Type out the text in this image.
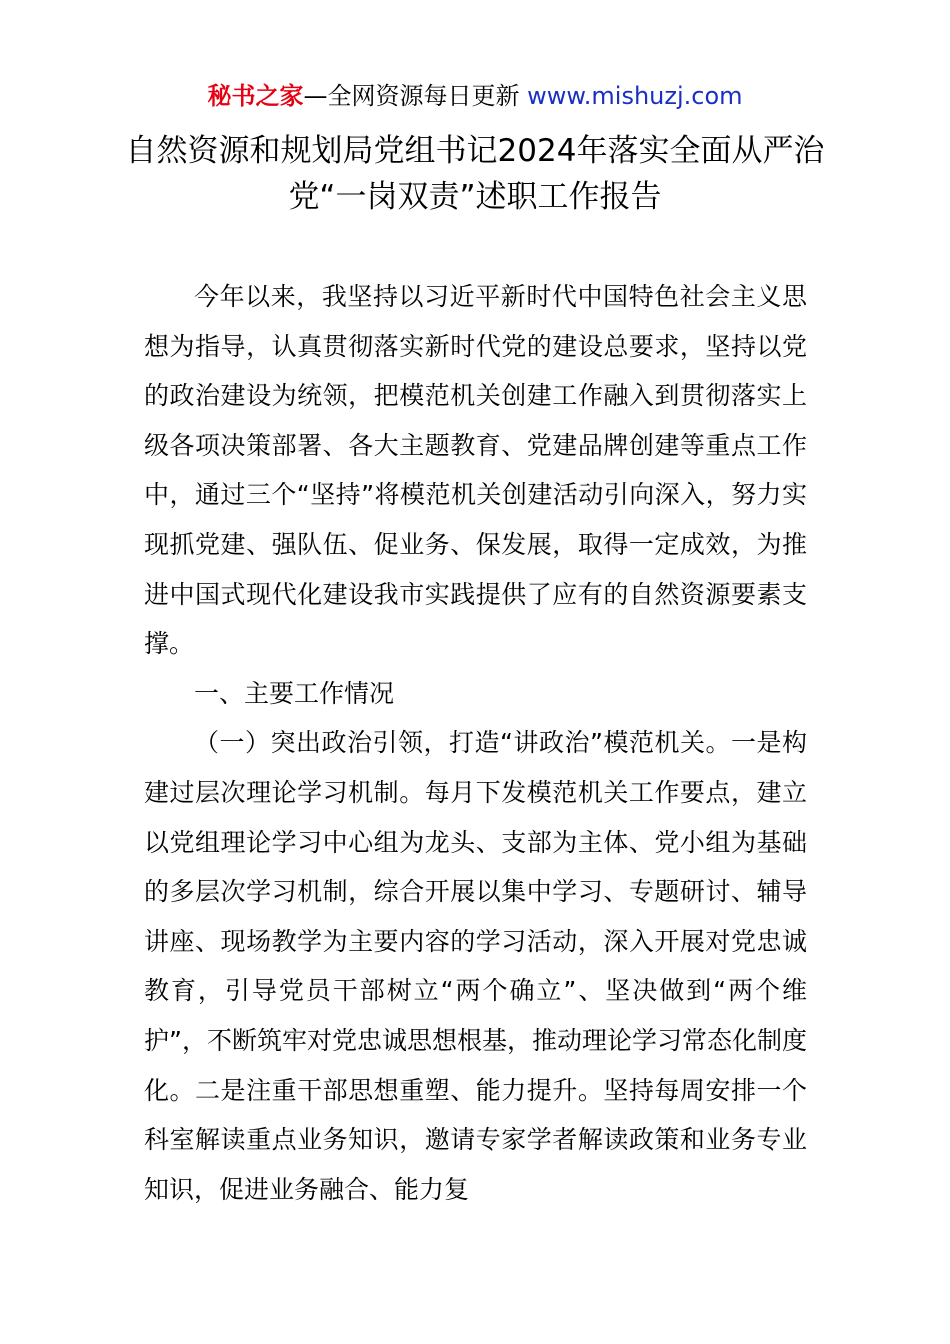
秘书之家—全网资源每日更新 www.mishuzj.com
自然资源和规划局党组书记2024年落实全面从严治党“一岗双责”述职工作报告

今年以来，我坚持以习近平新时代中国特色社会主义思想为指导，认真贯彻落实新时代党的建设总要求，坚持以党的政治建设为统领，把模范机关创建工作融入到贯彻落实上级各项决策部署、各大主题教育、党建品牌创建等重点工作中，通过三个“坚持”将模范机关创建活动引向深入，努力实现抓党建、强队伍、促业务、保发展，取得一定成效，为推进中国式现代化建设我市实践提供了应有的自然资源要素支撑。

一、主要工作情况

（一）突出政治引领，打造“讲政治”模范机关。一是构建过层次理论学习机制。每月下发模范机关工作要点，建立以党组理论学习中心组为龙头、支部为主体、党小组为基础的多层次学习机制，综合开展以集中学习、专题研讨、辅导讲座、现场教学为主要内容的学习活动，深入开展对党忠诚教育，引导党员干部树立“两个确立”、坚决做到“两个维护”，不断筑牢对党忠诚思想根基，推动理论学习常态化制度化。二是注重干部思想重塑、能力提升。坚持每周安排一个科室解读重点业务知识，邀请专家学者解读政策和业务专业知识，促进业务融合、能力复
